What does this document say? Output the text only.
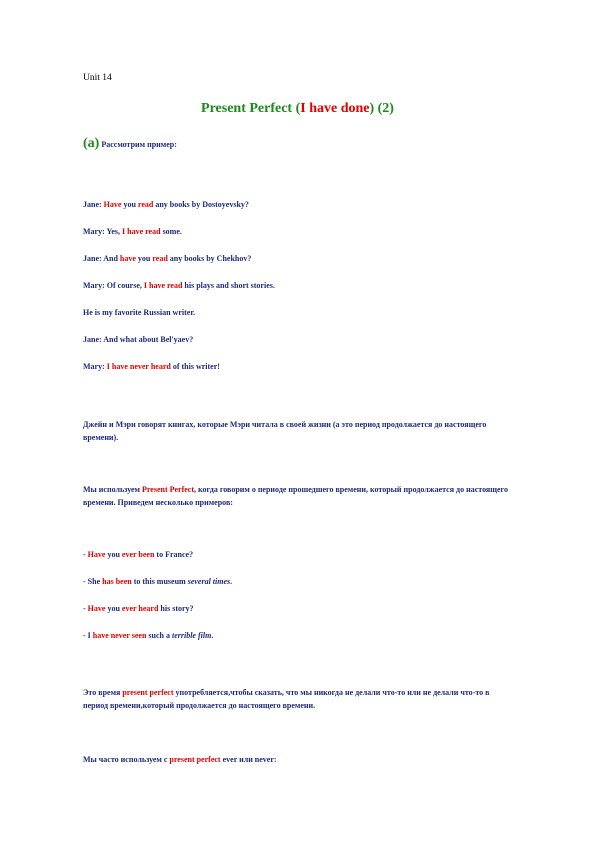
Unit 14
Present Perfect (I have done) (2)
(a) Рассмотрим пример:
Jane: Have you read any books by Dostoyevsky?
Mary: Yes, I have read some.
Jane: And have you read any books by Chekhov?
Mary: Of course, I have read his plays and short stories.
He is my favorite Russian writer.
Jane: And what about Bel'yaev?
Mary: I have never heard of this writer!
Джейн и Мэри говорят книгах, которые Мэри читала в своей жизни (а это период продолжается до настоящего времени).
Мы используем Present Perfect, когда говорим о периоде прошедшего времени, который продолжается до настоящего времени. Приведем несколько примеров:
- Have you ever been to France?
- She has been to this museum several times.
- Have you ever heard his story?
- I have never seen such a terrible film.
Это время present perfect употребляется,чтобы сказать, что мы никогда не делали что-то или не делали что-то в период времени,который продолжается до настоящего времени.
Мы часто используем с present perfect ever или never:
